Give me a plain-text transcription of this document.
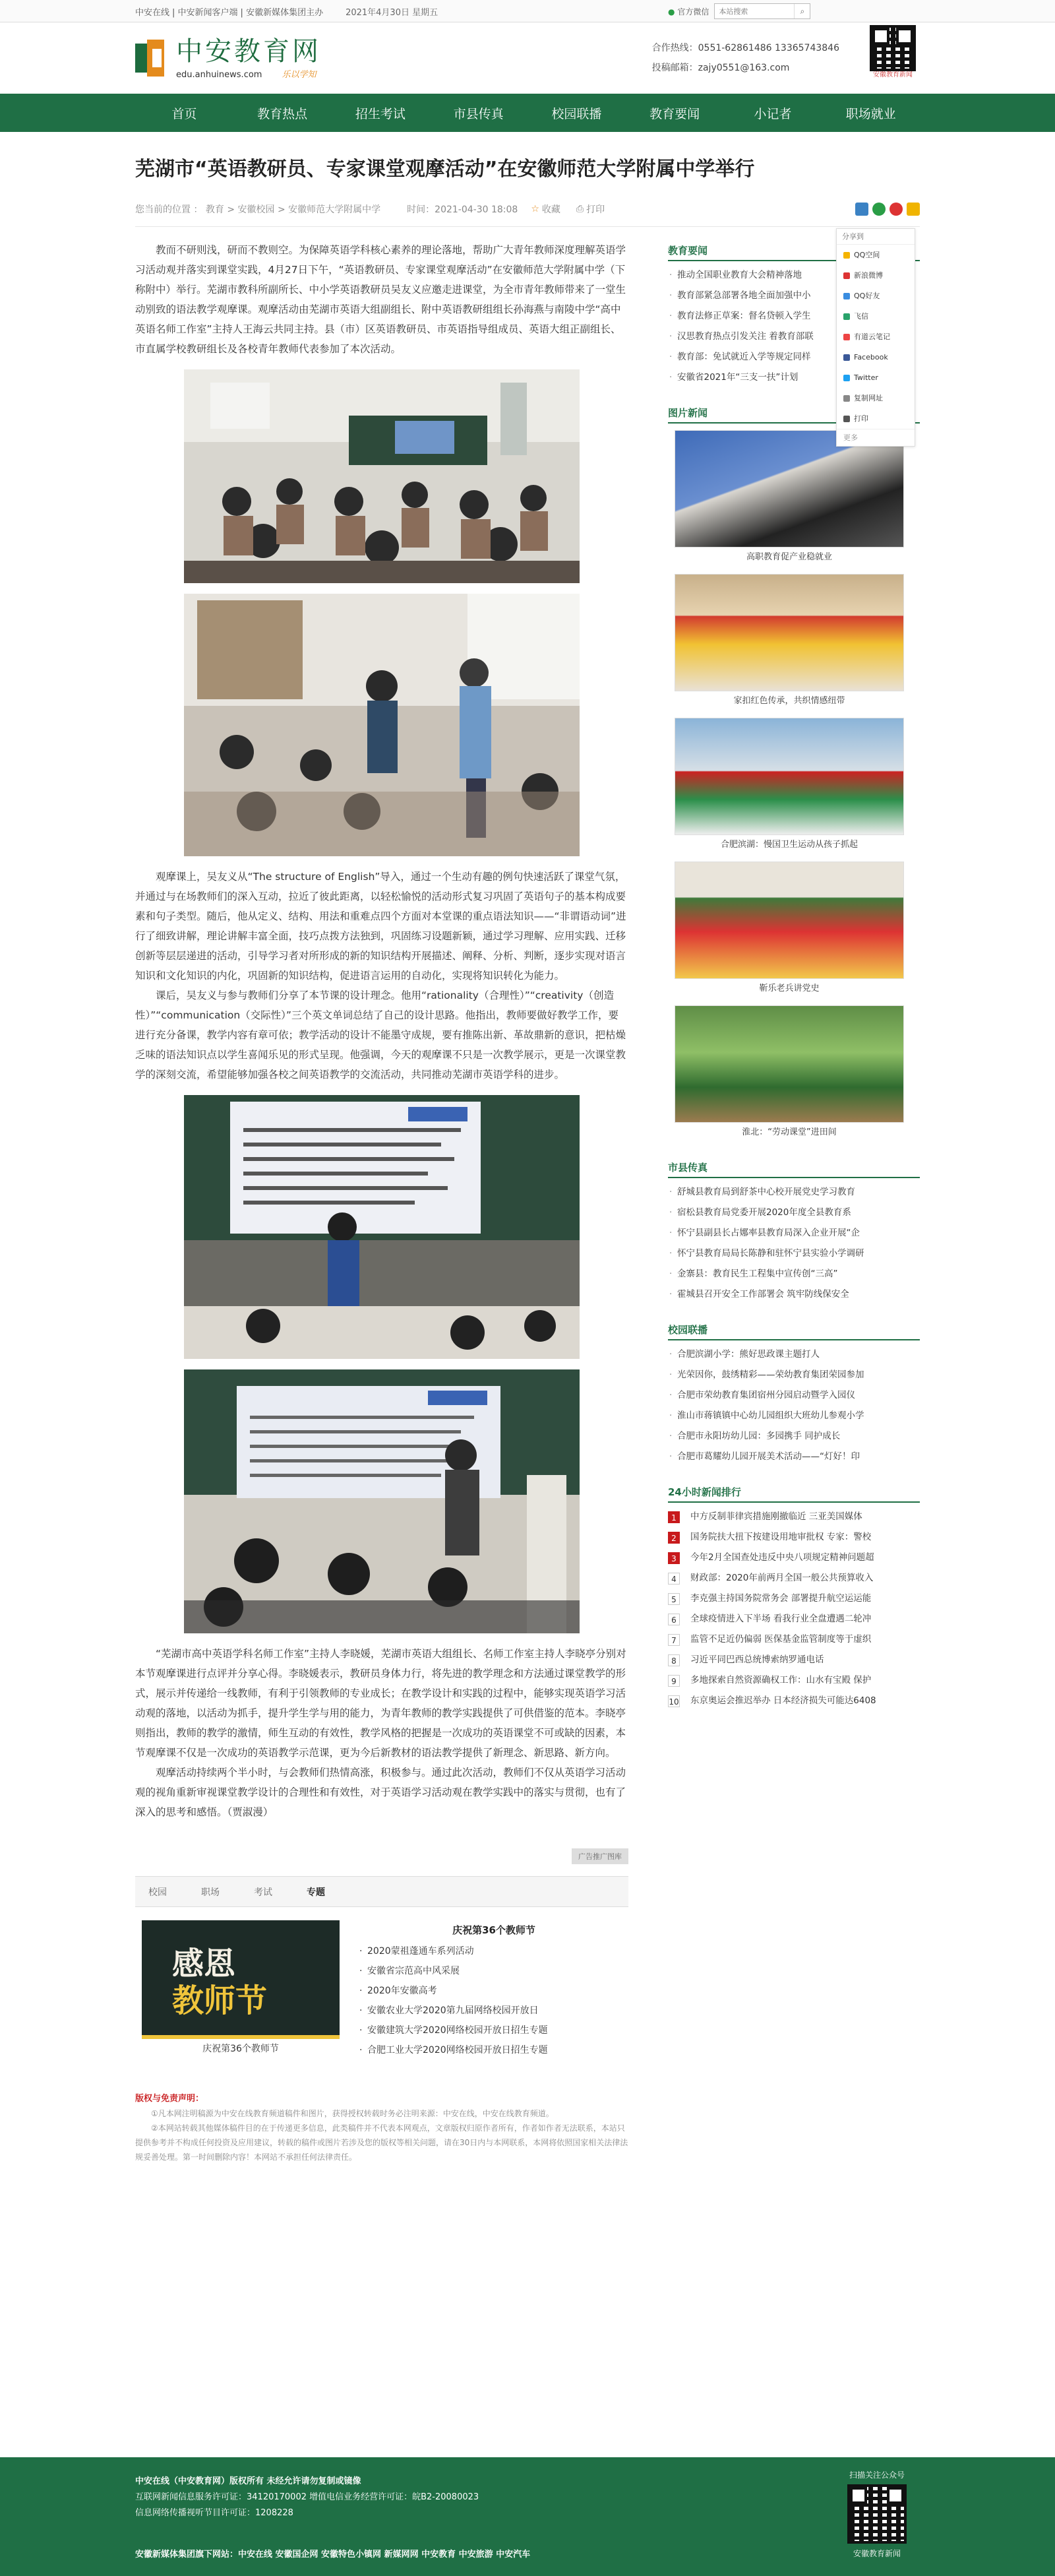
中安在线 | 中安新闻客户端 | 安徽新媒体集团主办	2021年4月30日 星期五	● 官方微信
本站搜索	⌕
中安教育网
edu.anhuinews.com 乐以学知
合作热线：0551-62861486 13365743846
投稿邮箱：zajy0551@163.com
安徽教育新闻
首页	教育热点	招生考试	市县传真	校园联播	教育要闻	小记者	职场就业
芜湖市“英语教研员、专家课堂观摩活动”在安徽师范大学附属中学举行
您当前的位置 ： 教育 > 安徽校园 > 安徽师范大学附属中学	时间：2021-04-30 18:08 ☆ 收藏 ⎙ 打印

教而不研则浅，研而不教则空。为保障英语学科核心素养的理论落地，帮助广大青年教师深度理解英语学习活动观并落实到课堂实践，4月27日下午，“英语教研员、专家课堂观摩活动”在安徽师范大学附属中学（下称附中）举行。芜湖市教科所副所长、中小学英语教研员吴友义应邀走进课堂，为全市青年教师带来了一堂生动别致的语法教学观摩课。观摩活动由芜湖市英语大组副组长、附中英语教研组组长孙海燕与南陵中学“高中英语名师工作室”主持人王海云共同主持。县（市）区英语教研员、市英语指导组成员、英语大组正副组长、市直属学校教研组长及各校青年教师代表参加了本次活动。

观摩课上，吴友义从“The structure of English”导入，通过一个生动有趣的例句快速活跃了课堂气氛，并通过与在场教师们的深入互动，拉近了彼此距离，以轻松愉悦的活动形式复习巩固了英语句子的基本构成要素和句子类型。随后，他从定义、结构、用法和重难点四个方面对本堂课的重点语法知识——“非谓语动词”进行了细致讲解，理论讲解丰富全面，技巧点拨方法独到，巩固练习设题新颖，通过学习理解、应用实践、迁移创新等层层递进的活动，引导学习者对所形成的新的知识结构开展描述、阐释、分析、判断，逐步实现对语言知识和文化知识的内化，巩固新的知识结构，促进语言运用的自动化，实现将知识转化为能力。

课后，吴友义与参与教师们分享了本节课的设计理念。他用“rationality（合理性）”“creativity（创造性）”“communication（交际性）”三个英文单词总结了自己的设计思路。他指出，教师要做好教学工作，要进行充分备课，教学内容有章可依；教学活动的设计不能墨守成规，要有推陈出新、革故鼎新的意识，把枯燥乏味的语法知识点以学生喜闻乐见的形式呈现。他强调，今天的观摩课不只是一次教学展示，更是一次课堂教学的深刻交流，希望能够加强各校之间英语教学的交流活动，共同推动芜湖市英语学科的进步。

“芜湖市高中英语学科名师工作室”主持人李晓媛，芜湖市英语大组组长、名师工作室主持人李晓亭分别对本节观摩课进行点评并分享心得。李晓媛表示，教研员身体力行，将先进的教学理念和方法通过课堂教学的形式，展示并传递给一线教师，有利于引领教师的专业成长；在教学设计和实践的过程中，能够实现英语学习活动观的落地，以活动为抓手，提升学生学与用的能力，为青年教师的教学实践提供了可供借鉴的范本。李晓亭则指出，教师的教学的激情，师生互动的有效性，教学风格的把握是一次成功的英语课堂不可或缺的因素，本节观摩课不仅是一次成功的英语教学示范课，更为今后新教材的语法教学提供了新理念、新思路、新方向。

观摩活动持续两个半小时，与会教师们热情高涨，积极参与。通过此次活动，教师们不仅从英语学习活动观的视角重新审视课堂教学设计的合理性和有效性，对于英语学习活动观在教学实践中的落实与贯彻，也有了深入的思考和感悟。（贾淑漫）

广告推广图库
校园	职场	考试	专题
感恩
教师节
庆祝第36个教师节
庆祝第36个教师节
· 2020蒙祖蓬通车系列活动
· 安徽省宗范高中风采展
· 2020年安徽高考
· 安徽农业大学2020第九届网络校园开放日
· 安徽建筑大学2020网络校园开放日招生专题
· 合肥工业大学2020网络校园开放日招生专题
版权与免责声明：
①凡本网注明稿源为中安在线教育频道稿件和图片，获得授权转载时务必注明来源：中安在线，中安在线教育频道。
②本网站转载其他媒体稿件目的在于传递更多信息，此类稿件并不代表本网观点，文章版权归原作者所有，作者如作者无法联系，本站只提供参考并不构成任何投资及应用建议，转载的稿件或图片若涉及您的版权等相关问题，请在30日内与本网联系，本网将依照国家相关法律法规妥善处理。第一时间删除内容！本网站不承担任何法律责任。
教育要闻
· 推动全国职业教育大会精神落地
· 教育部紧急部署各地全面加强中小
· 教育法修正草案：督名贷顿入学生
· 汉思教育热点引发关注 着教育部联
· 教育部：免试就近入学等规定同样
· 安徽省2021年“三支一扶”计划
图片新闻
高职教育促产业稳就业
家扣红色传承，共织情感纽带
合肥滨湖：慢国卫生运动从孩子抓起
靳乐老兵讲党史
淮北：“劳动课堂”进田间
市县传真
· 舒城县教育局到舒茶中心校开展党史学习教育
· 宿松县教育局党委开展2020年度全县教育系
· 怀宁县副县长占娜率县教育局深入企业开展“企
· 怀宁县教育局局长陈静和驻怀宁县实验小学调研
· 金寨县：教育民生工程集中宣传创“三高”
· 霍城县召开安全工作部署会 筑牢防线保安全
校园联播
· 合肥滨湖小学：熊好思政课主题打人
· 光荣因你，鼓绣精彩——荣幼教育集团荣园参加
· 合肥市荣幼教育集团宿州分园启动暨学入园仪
· 淮山市蒋镇镇中心幼儿园组织大班幼儿参观小学
· 合肥市永阳坊幼儿园：多园携手 同护成长
· 合肥市葛耀幼儿园开展美术活动——“灯好！印
24小时新闻排行
1	中方反制菲律宾措施刚撤临近 三亚美国媒体
2	国务院扶大扭下按建设用地审批权 专家：警校
3	今年2月全国查处违反中央八项规定精神问题超
4	财政部：2020年前两月全国一般公共预算收入
5	李克强主持国务院常务会 部署提升航空运运能
6	全球疫情进入下半场 看我行业全盘遭遇二轮冲
7	监管不足近仍偏弱 医保基金监管制度等于虚织
8	习近平同巴西总统博索纳罗通电话
9	多地探索自然资源确权工作：山水有宝殿 保护
10 东京奥运会推迟举办 日本经济损失可能达6408
分享到
QQ空间
新浪微博
QQ好友
飞信
有道云笔记
Facebook
Twitter
复制网址
打印
更多

中安在线（中安教育网）版权所有 未经允许请勿复制或镜像

互联网新闻信息服务许可证：34120170002 增值电信业务经营许可证：皖B2-20080023

信息网络传播视听节目许可证：1208228

安徽新媒体集团旗下网站：中安在线 安徽国企网 安徽特色小镇网 新媒网网 中安教育 中安旅游 中安汽车
扫描关注公众号
安徽教育新闻
